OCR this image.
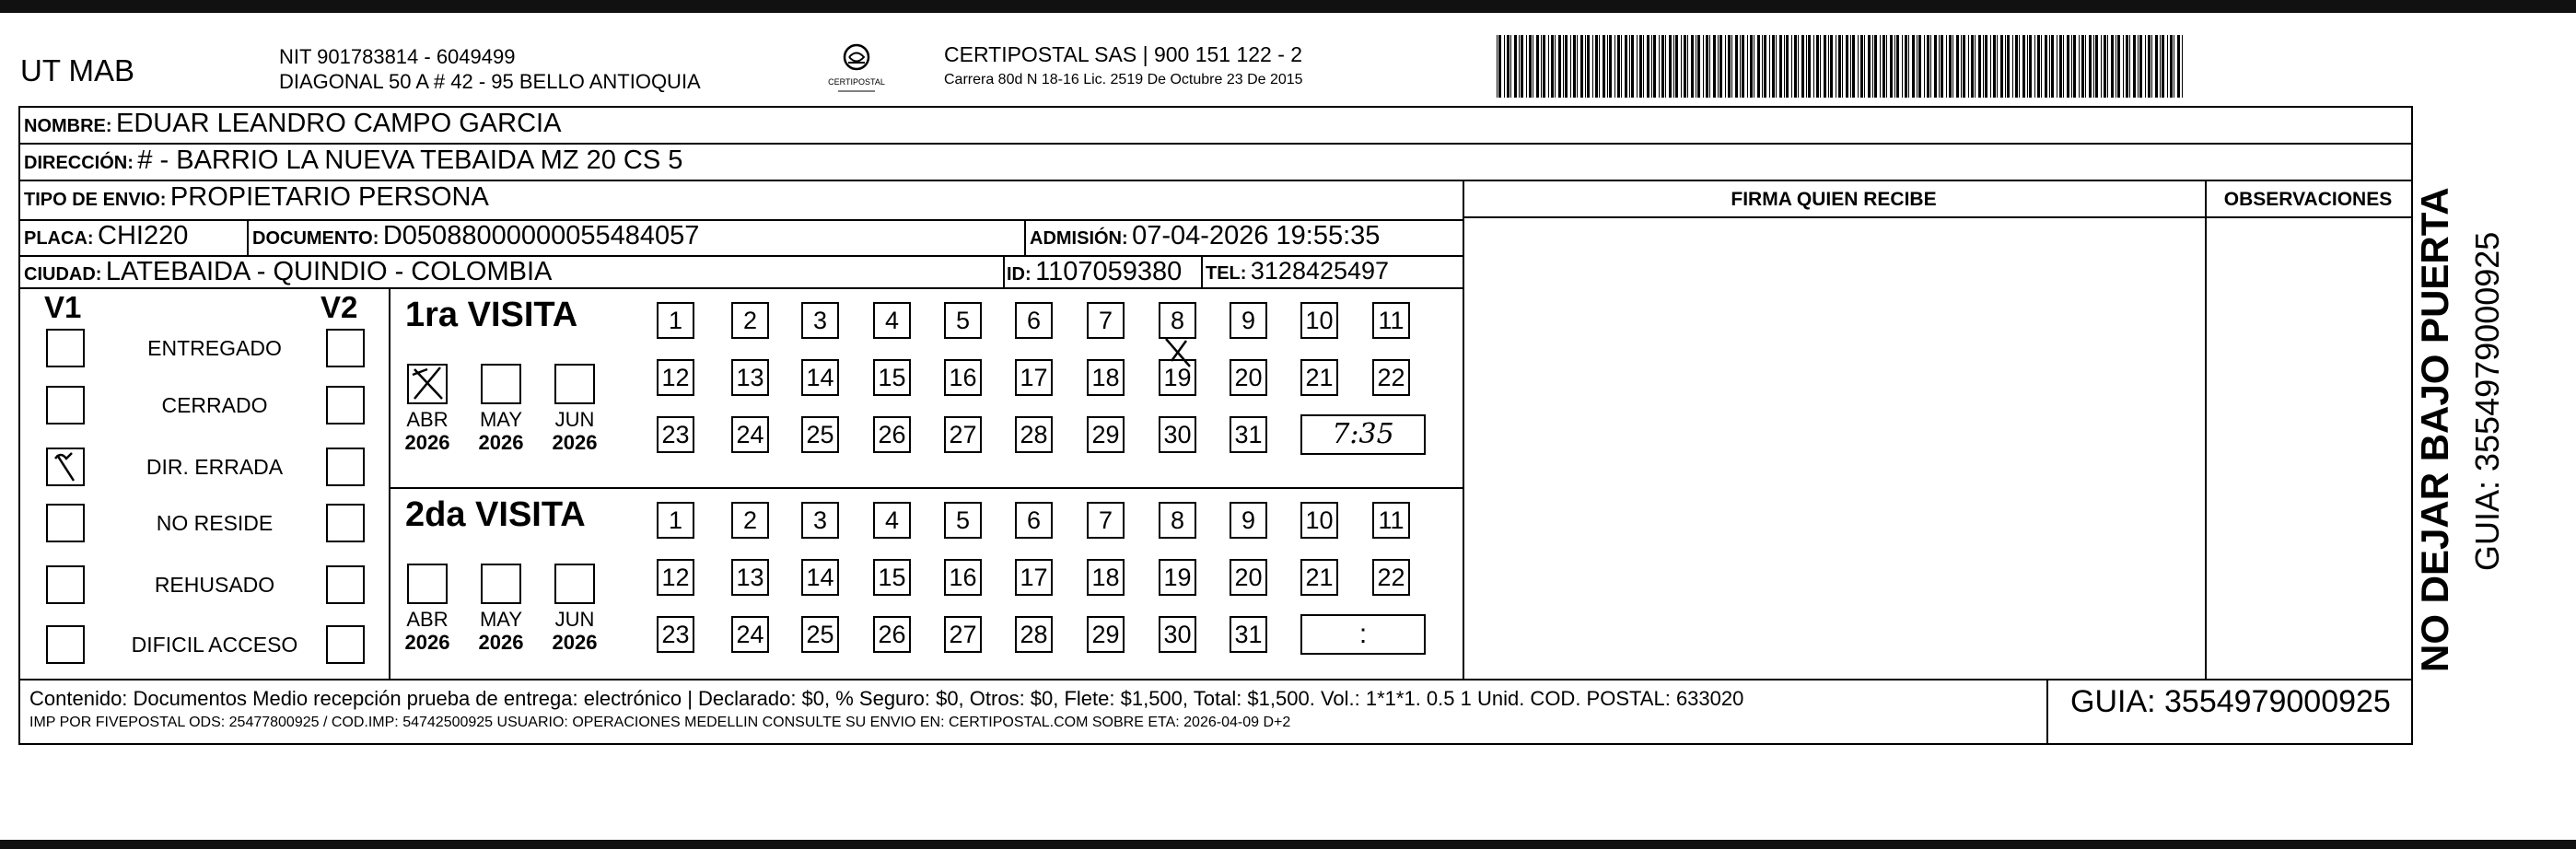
UT MAB	NIT 901783814 - 6049499
DIAGONAL 50 A # 42 - 95 BELLO ANTIOQUIA	CERTIPOSTAL
CERTIPOSTAL SAS | 900 151 122 - 2
Carrera 80d N 18-16 Lic. 2519 De Octubre 23 De 2015
NOMBRE: EDUAR LEANDRO CAMPO GARCIA
DIRECCIÓN: # - BARRIO LA NUEVA TEBAIDA MZ 20 CS 5
TIPO DE ENVIO: PROPIETARIO PERSONA	FIRMA QUIEN RECIBE	OBSERVACIONES
PLACA: CHI220	DOCUMENTO: D05088000000055484057	ADMISIÓN: 07-04-2026 19:55:35
CIUDAD: LATEBAIDA - QUINDIO - COLOMBIA	ID: 1107059380 TEL: 3128425497
V1	V2
ENTREGADO
CERRADO
DIR. ERRADA
NO RESIDE
REHUSADO
DIFICIL ACCESO
1ra VISITA
ABR
2026
MAY
2026
JUN
2026
1	2	3	4	5	6	7	8	9	10 11
12 13 14 15 16 17 18 19 20 21 22
23 24 25 26 27 28 29 30 31	7:35
2da VISITA
ABR
2026
MAY
2026
JUN
2026
1	2	3	4	5	6	7	8	9	10 11
12 13 14 15 16 17 18 19 20 21 22
23 24 25 26 27 28 29 30 31	:
GUIA: 3554979000925
Contenido: Documentos Medio recepción prueba de entrega: electrónico | Declarado: $0, % Seguro: $0, Otros: $0, Flete: $1,500, Total: $1,500. Vol.: 1*1*1. 0.5 1 Unid. COD. POSTAL: 633020
IMP POR FIVEPOSTAL ODS: 25477800925 / COD.IMP: 54742500925 USUARIO: OPERACIONES MEDELLIN CONSULTE SU ENVIO EN: CERTIPOSTAL.COM SOBRE ETA: 2026-04-09 D+2
NO DEJAR BAJO PUERTA GUIA: 3554979000925
